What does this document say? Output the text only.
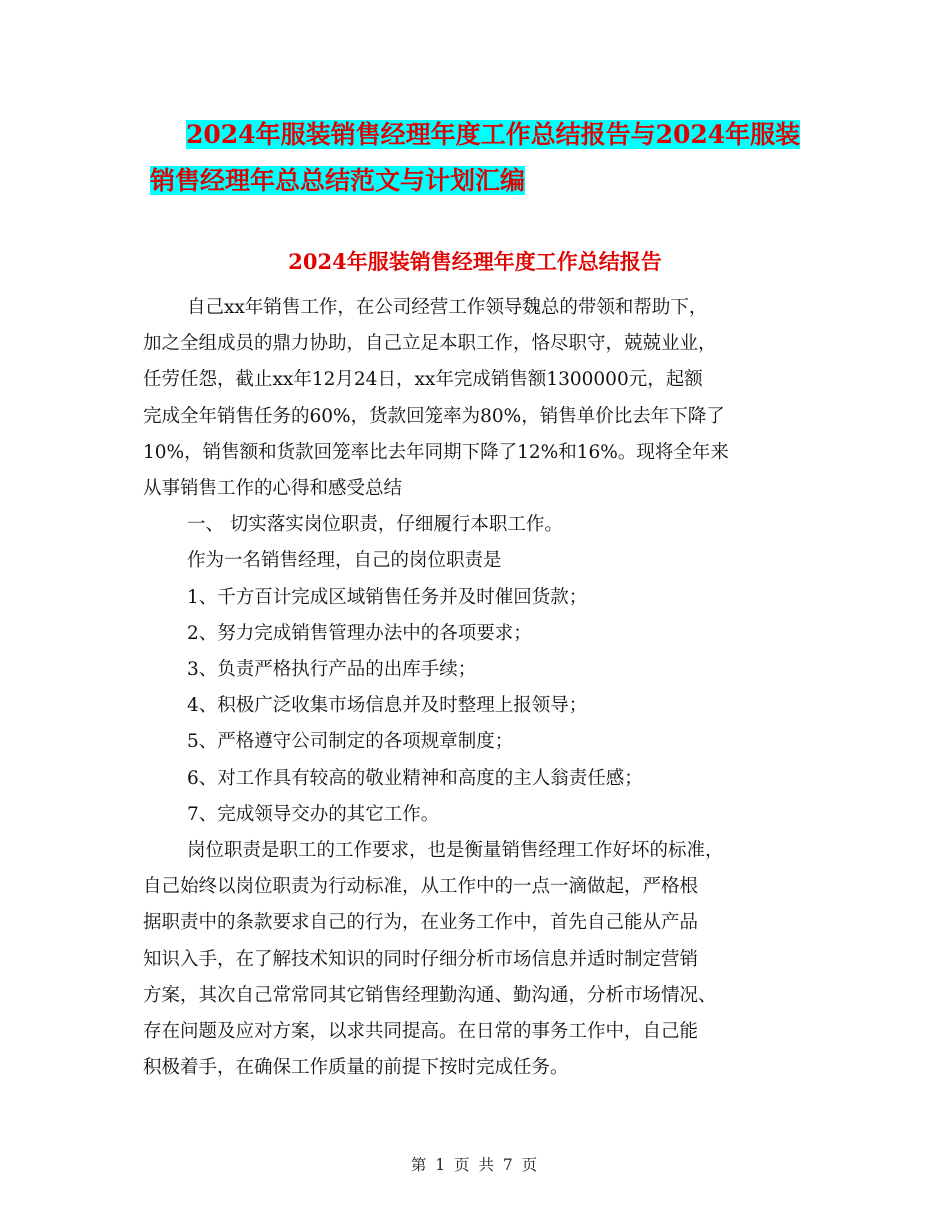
2024年服装销售经理年度工作总结报告与2024年服装
销售经理年总总结范文与计划汇编
2024年服装销售经理年度工作总结报告

自己xx年销售工作，在公司经营工作领导魏总的带领和帮助下，

加之全组成员的鼎力协助，自己立足本职工作，恪尽职守，兢兢业业，

任劳任怨，截止xx年12月24日，xx年完成销售额1300000元，起额

完成全年销售任务的60%，货款回笼率为80%，销售单价比去年下降了

10%，销售额和货款回笼率比去年同期下降了12%和16%。现将全年来

从事销售工作的心得和感受总结

一、 切实落实岗位职责，仔细履行本职工作。

作为一名销售经理，自己的岗位职责是

1、千方百计完成区域销售任务并及时催回货款；

2、努力完成销售管理办法中的各项要求；

3、负责严格执行产品的出库手续；

4、积极广泛收集市场信息并及时整理上报领导；

5、严格遵守公司制定的各项规章制度；

6、对工作具有较高的敬业精神和高度的主人翁责任感；

7、完成领导交办的其它工作。

岗位职责是职工的工作要求，也是衡量销售经理工作好坏的标准，

自己始终以岗位职责为行动标准，从工作中的一点一滴做起，严格根

据职责中的条款要求自己的行为，在业务工作中，首先自己能从产品

知识入手，在了解技术知识的同时仔细分析市场信息并适时制定营销

方案，其次自己常常同其它销售经理勤沟通、勤沟通，分析市场情况、

存在问题及应对方案，以求共同提高。在日常的事务工作中，自己能

积极着手，在确保工作质量的前提下按时完成任务。

第 1 页 共 7 页
